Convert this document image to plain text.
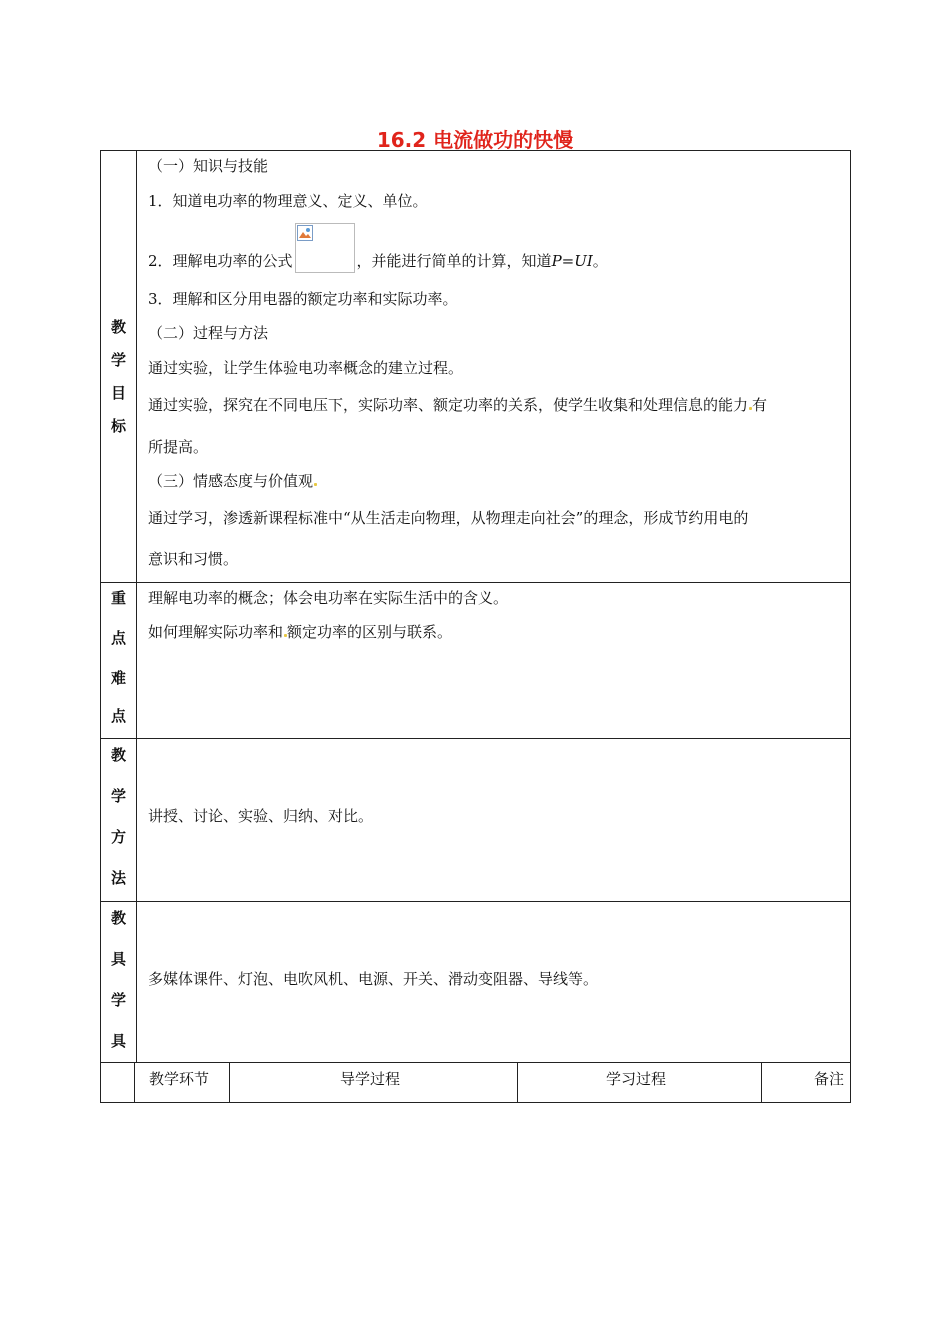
16.2 电流做功的快慢
教
学
目
标
（一）知识与技能
1．知道电功率的物理意义、定义、单位。
2．理解电功率的公式	，并能进行简单的计算，知道P=UI。
3．理解和区分用电器的额定功率和实际功率。
（二）过程与方法
通过实验，让学生体验电功率概念的建立过程。
通过实验，探究在不同电压下，实际功率、额定功率的关系，使学生收集和处理信息的能力 有
所提高。
（三）情感态度与价值观
通过学习，渗透新课程标准中“从生活走向物理，从物理走向社会”的理念，形成节约用电的
意识和习惯。
重
点
难
点
理解电功率的概念；体会电功率在实际生活中的含义。
如何理解实际功率和 额定功率的区别与联系。
教
学
方
法
讲授、讨论、实验、归纳、对比。
教
具
学
具
多媒体课件、灯泡、电吹风机、电源、开关、滑动变阻器、导线等。
教学环节	导学过程	学习过程	备注
